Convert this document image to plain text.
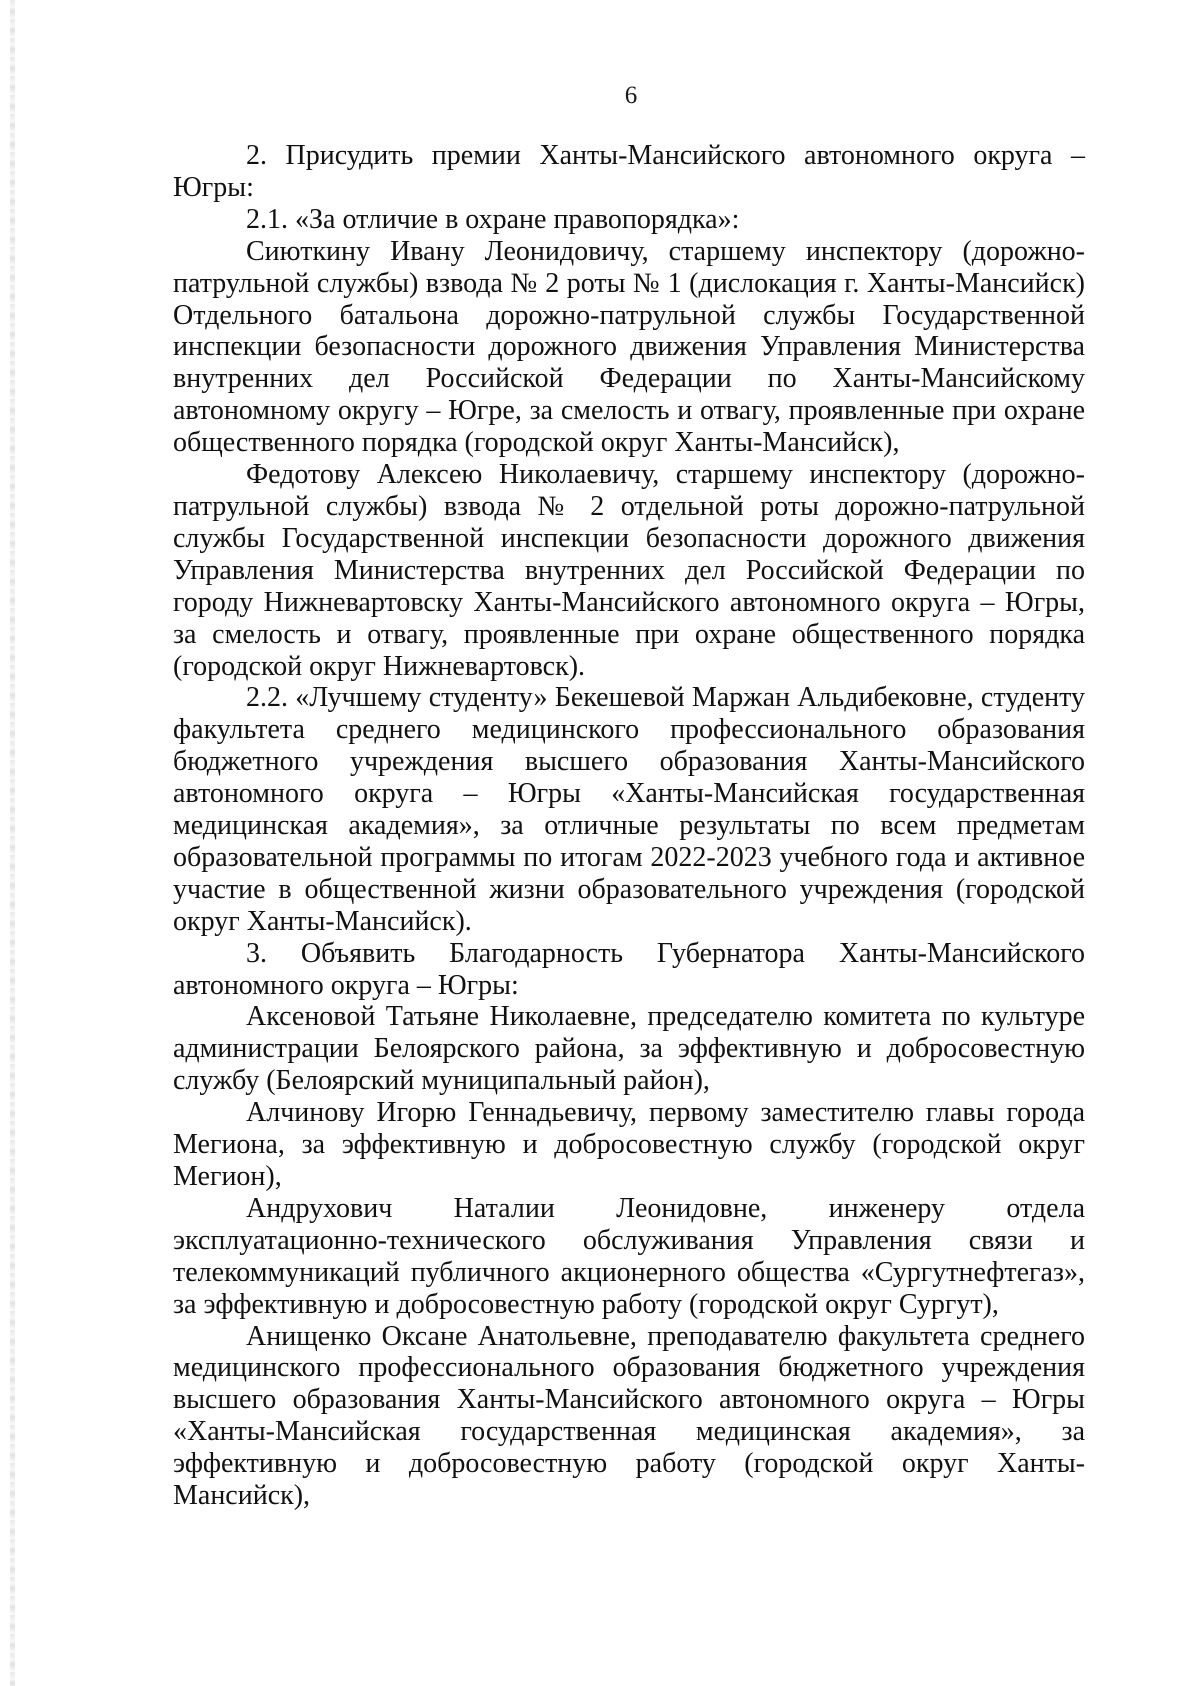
6

2. Присудить премии Ханты-Мансийского автономного округа – Югры:

2.1. «За отличие в охране правопорядка»:

Сиюткину Ивану Леонидовичу, старшему инспектору (дорожно-патрульной службы) взвода № 2 роты № 1 (дислокация г. Ханты-Мансийск) Отдельного батальона дорожно-патрульной службы Государственной инспекции безопасности дорожного движения Управления Министерства внутренних дел Российской Федерации по Ханты-Мансийскому автономному округу – Югре, за смелость и отвагу, проявленные при охране общественного порядка (городской округ Ханты-Мансийск),

Федотову Алексею Николаевичу, старшему инспектору (дорожно-патрульной службы) взвода № 2 отдельной роты дорожно-патрульной службы Государственной инспекции безопасности дорожного движения Управления Министерства внутренних дел Российской Федерации по городу Нижневартовску Ханты-Мансийского автономного округа – Югры, за смелость и отвагу, проявленные при охране общественного порядка (городской округ Нижневартовск).

2.2. «Лучшему студенту» Бекешевой Маржан Альдибековне, студенту факультета среднего медицинского профессионального образования бюджетного учреждения высшего образования Ханты-Мансийского автономного округа – Югры «Ханты-Мансийская государственная медицинская академия», за отличные результаты по всем предметам образовательной программы по итогам 2022-2023 учебного года и активное участие в общественной жизни образовательного учреждения (городской округ Ханты-Мансийск).

3. Объявить Благодарность Губернатора Ханты-Мансийского автономного округа – Югры:

Аксеновой Татьяне Николаевне, председателю комитета по культуре администрации Белоярского района, за эффективную и добросовестную службу (Белоярский муниципальный район),

Алчинову Игорю Геннадьевичу, первому заместителю главы города Мегиона, за эффективную и добросовестную службу (городской округ Мегион),

Андрухович Наталии Леонидовне, инженеру отдела эксплуатационно-технического обслуживания Управления связи и телекоммуникаций публичного акционерного общества «Сургутнефтегаз», за эффективную и добросовестную работу (городской округ Сургут),

Анищенко Оксане Анатольевне, преподавателю факультета среднего медицинского профессионального образования бюджетного учреждения высшего образования Ханты-Мансийского автономного округа – Югры «Ханты-Мансийская государственная медицинская академия», за эффективную и добросовестную работу (городской округ Ханты-Мансийск),
